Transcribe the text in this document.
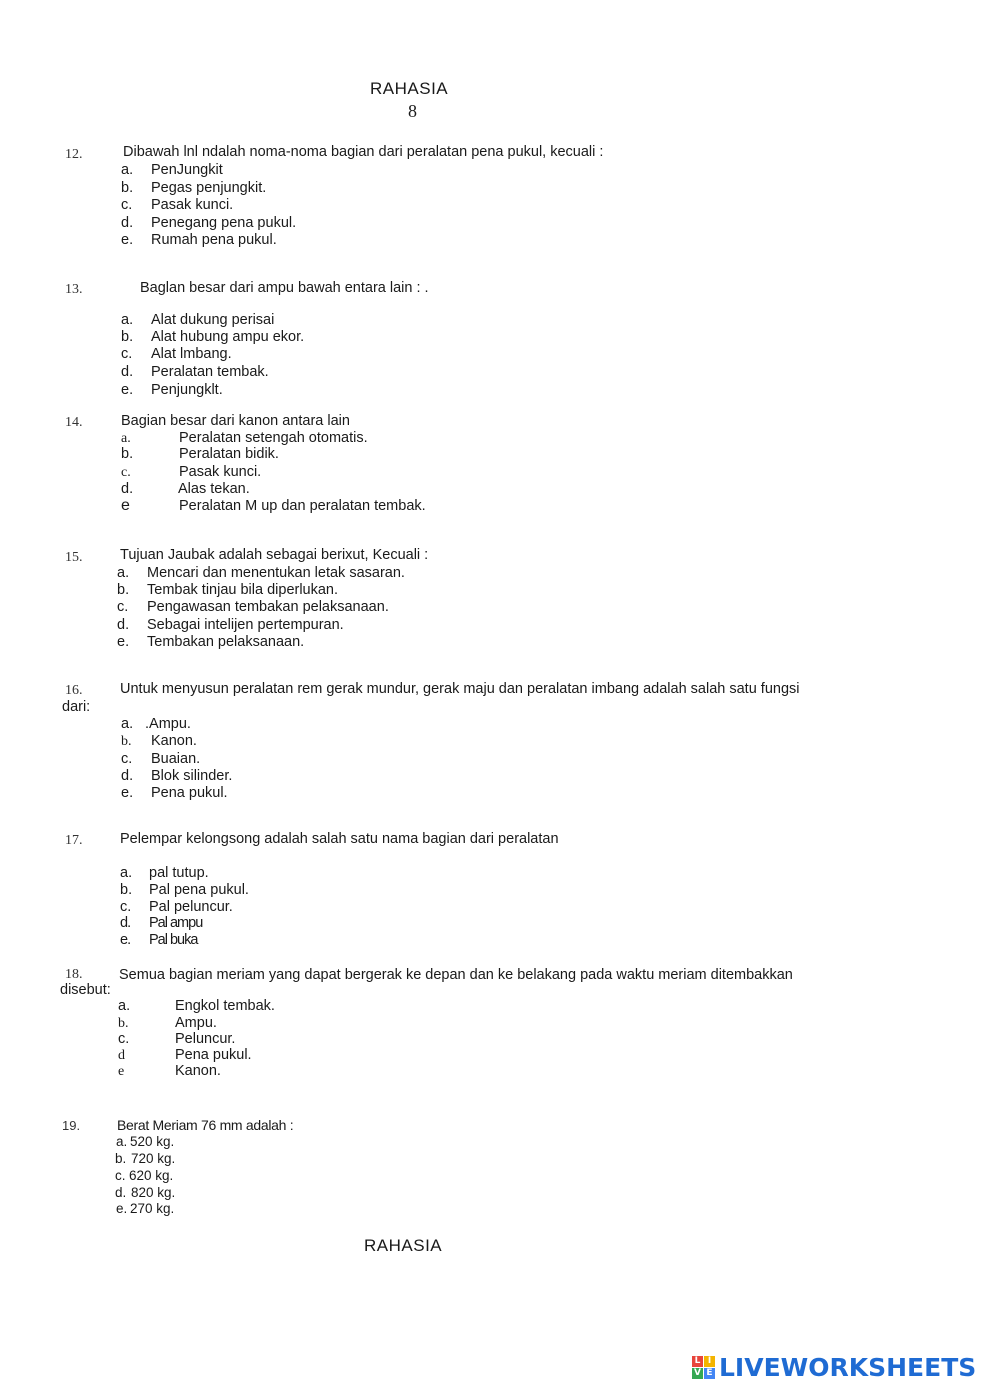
RAHASIA
8
12.	Dibawah lnl ndalah noma-noma bagian dari peralatan pena pukul, kecuali :
a. PenJungkit
b. Pegas penjungkit.
c. Pasak kunci.
d. Penegang pena pukul.
e. Rumah pena pukul.
13.	Baglan besar dari ampu bawah entara lain : .
a. Alat dukung perisai
b. Alat hubung ampu ekor.
c. Alat lmbang.
d. Peralatan tembak.
e. Penjungklt.
14.	Bagian besar dari kanon antara lain
a.	Peralatan setengah otomatis.
b.	Peralatan bidik.
c.	Pasak kunci.
d.	Alas tekan.
e	Peralatan M up dan peralatan tembak.
15.	Tujuan Jaubak adalah sebagai berixut, Kecuali :
a. Mencari dan menentukan letak sasaran.
b. Tembak tinjau bila diperlukan.
c. Pengawasan tembakan pelaksanaan.
d. Sebagai intelijen pertempuran.
e. Tembakan pelaksanaan.
16.	Untuk menyusun peralatan rem gerak mundur, gerak maju dan peralatan imbang adalah salah satu fungsi
dari:
a. .Ampu.
b. Kanon.
c. Buaian.
d. Blok silinder.
e. Pena pukul.
17.	Pelempar kelongsong adalah salah satu nama bagian dari peralatan
a. pal tutup.
b. Pal pena pukul.
c. Pal peluncur.
d. Pal ampu
e. Pal buka
18.	Semua bagian meriam yang dapat bergerak ke depan dan ke belakang pada waktu meriam ditembakkan
disebut:
a.	Engkol tembak.
b.	Ampu.
c.	Peluncur.
d	Pena pukul.
e	Kanon.
19.	Berat Meriam 76 mm adalah :
a. 520 kg.
b. 720 kg.
c. 620 kg.
d. 820 kg.
e. 270 kg.
RAHASIA
L I
V E LIVEWORKSHEETS
